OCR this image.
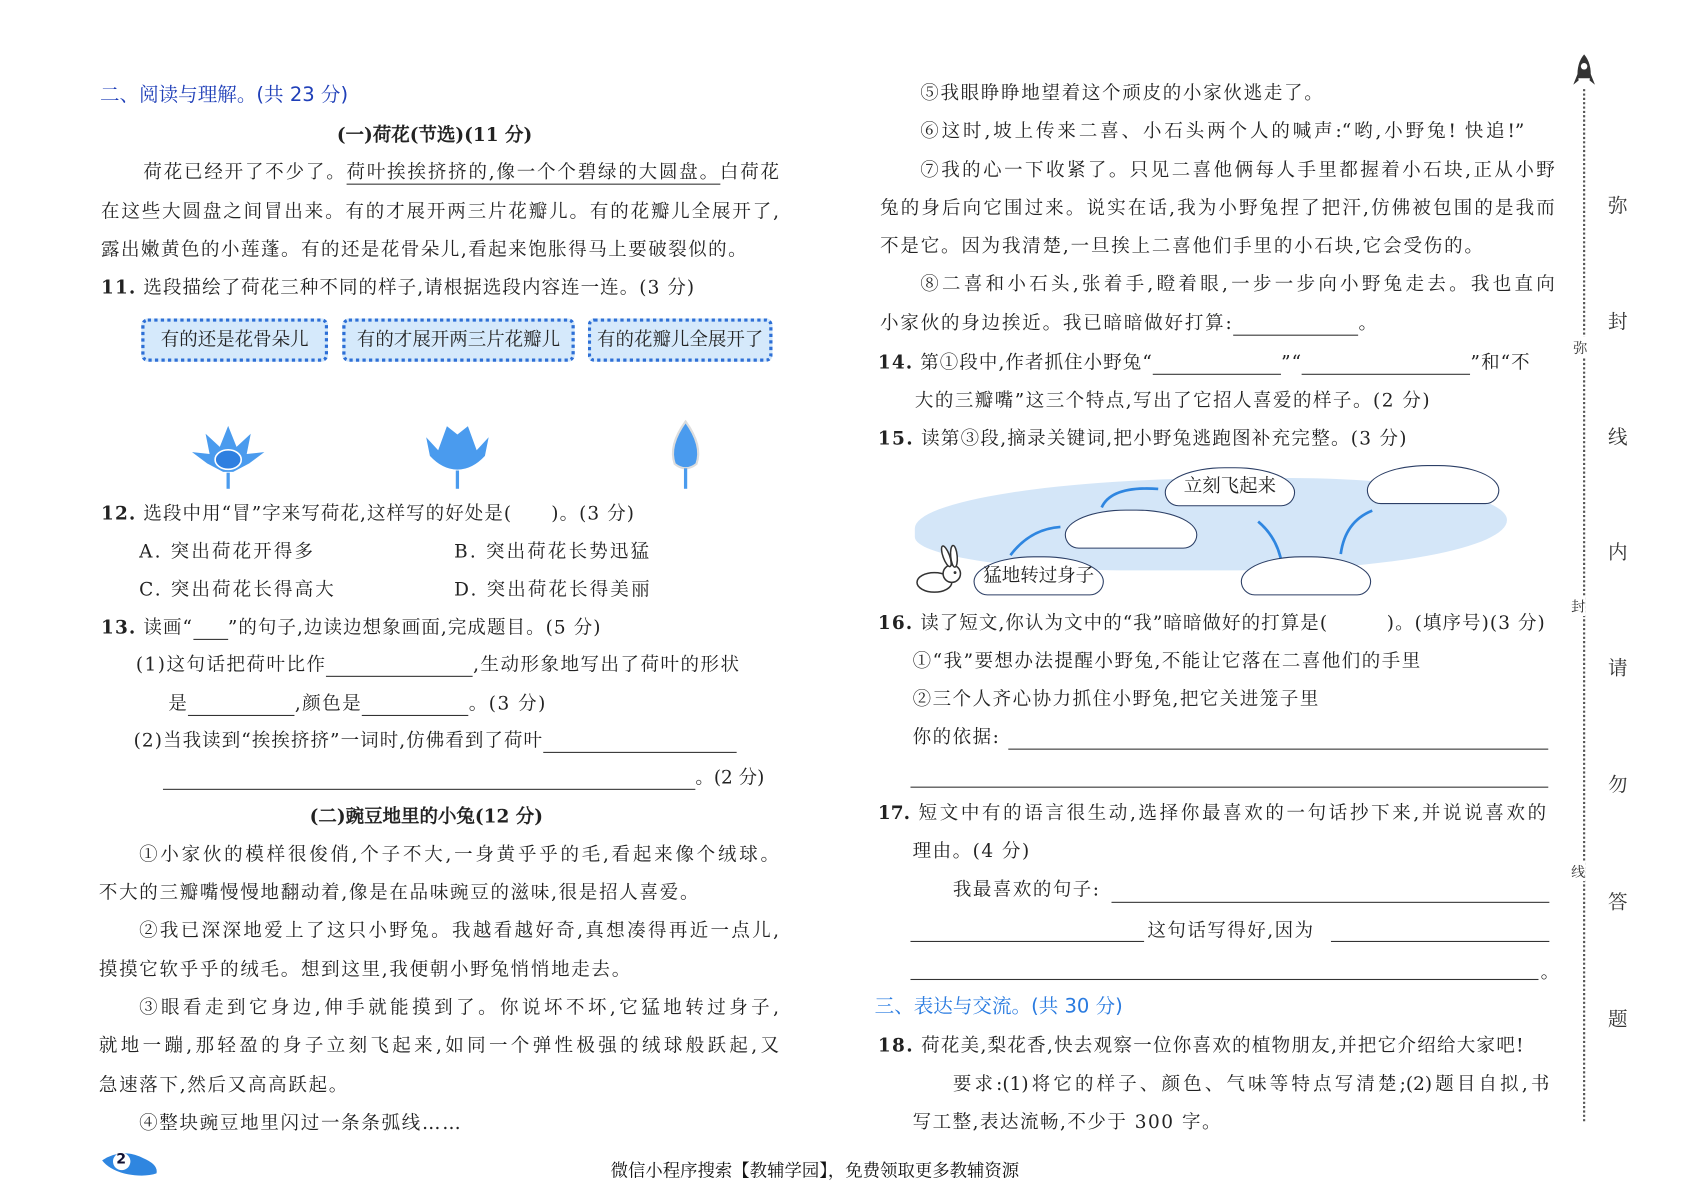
二、阅读与理解。(共 23 分)
(一)荷花(节选)(11 分)
荷花已经开了不少了。荷叶挨挨挤挤的,像一个个碧绿的大圆盘。白荷花
在这些大圆盘之间冒出来。有的才展开两三片花瓣儿。有的花瓣儿全展开了,
露出嫩黄色的小莲蓬。有的还是花骨朵儿,看起来饱胀得马上要破裂似的。
11. 选段描绘了荷花三种不同的样子,请根据选段内容连一连。(3 分)
有的还是花骨朵儿	有的才展开两三片花瓣儿	有的花瓣儿全展开了
12. 选段中用“冒”字来写荷花,这样写的好处是(　　)。(3 分)
A. 突出荷花开得多	B. 突出荷花长势迅猛
C. 突出荷花长得高大	D. 突出荷花长得美丽
13. 读画“ ”的句子,边读边想象画面,完成题目。(5 分)
(1)这句话把荷叶比作	,生动形象地写出了荷叶的形状
是	,颜色是	。(3 分)
(2)当我读到“挨挨挤挤”一词时,仿佛看到了荷叶
。(2 分)
(二)豌豆地里的小兔(12 分)
①小家伙的模样很俊俏,个子不大,一身黄乎乎的毛,看起来像个绒球。
不大的三瓣嘴慢慢地翻动着,像是在品味豌豆的滋味,很是招人喜爱。
②我已深深地爱上了这只小野兔。我越看越好奇,真想凑得再近一点儿,
摸摸它软乎乎的绒毛。想到这里,我便朝小野兔悄悄地走去。
③眼看走到它身边,伸手就能摸到了。你说坏不坏,它猛地转过身子,
就地一蹦,那轻盈的身子立刻飞起来,如同一个弹性极强的绒球般跃起,又
急速落下,然后又高高跃起。
④整块豌豆地里闪过一条条弧线……
⑤我眼睁睁地望着这个顽皮的小家伙逃走了。
⑥这时,坡上传来二喜、小石头两个人的喊声:“哟,小野兔! 快追!”
⑦我的心一下收紧了。只见二喜他俩每人手里都握着小石块,正从小野
兔的身后向它围过来。说实在话,我为小野兔捏了把汗,仿佛被包围的是我而
不是它。因为我清楚,一旦挨上二喜他们手里的小石块,它会受伤的。
⑧二喜和小石头,张着手,瞪着眼,一步一步向小野兔走去。我也直向
小家伙的身边挨近。我已暗暗做好打算:	。
14. 第①段中,作者抓住小野兔“	”“	”和“不
大的三瓣嘴”这三个特点,写出了它招人喜爱的样子。(2 分)
15. 读第③段,摘录关键词,把小野兔逃跑图补充完整。(3 分)
猛地转过身子
立刻飞起来
16. 读了短文,你认为文中的“我”暗暗做好的打算是(　　　)。(填序号)(3 分)
①“我”要想办法提醒小野兔,不能让它落在二喜他们的手里
②三个人齐心协力抓住小野兔,把它关进笼子里
你的依据:
17. 短文中有的语言很生动,选择你最喜欢的一句话抄下来,并说说喜欢的
理由。(4 分)
我最喜欢的句子:
这句话写得好,因为
。
三、表达与交流。(共 30 分)
18. 荷花美,梨花香,快去观察一位你喜欢的植物朋友,并把它介绍给大家吧!
要求:(1)将它的样子、颜色、气味等特点写清楚;(2)题目自拟,书
写工整,表达流畅,不少于 300 字。
弥
封
线
弥
封
线
内
请
勿
答
题
2
微信小程序搜索【教辅学园】，免费领取更多教辅资源
